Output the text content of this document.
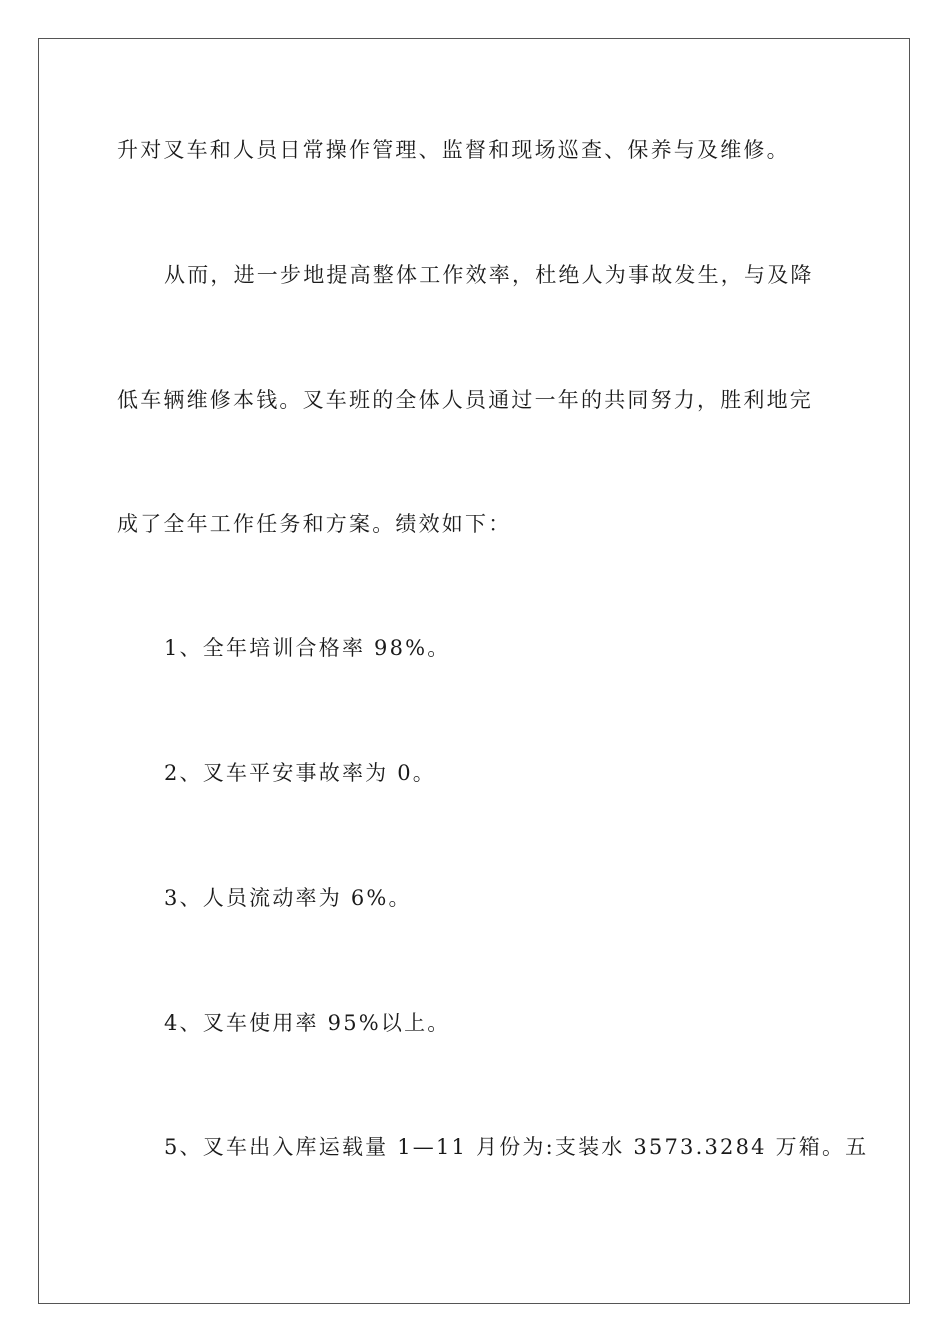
升对叉车和人员日常操作管理、监督和现场巡查、保养与及维修。
从而，进一步地提高整体工作效率，杜绝人为事故发生，与及降
低车辆维修本钱。叉车班的全体人员通过一年的共同努力，胜利地完
成了全年工作任务和方案。绩效如下：
1、全年培训合格率 98%。
2、叉车平安事故率为 0。
3、人员流动率为 6%。
4、叉车使用率 95%以上。
5、叉车出入库运载量 1—11 月份为:支装水 3573.3284 万箱。五
